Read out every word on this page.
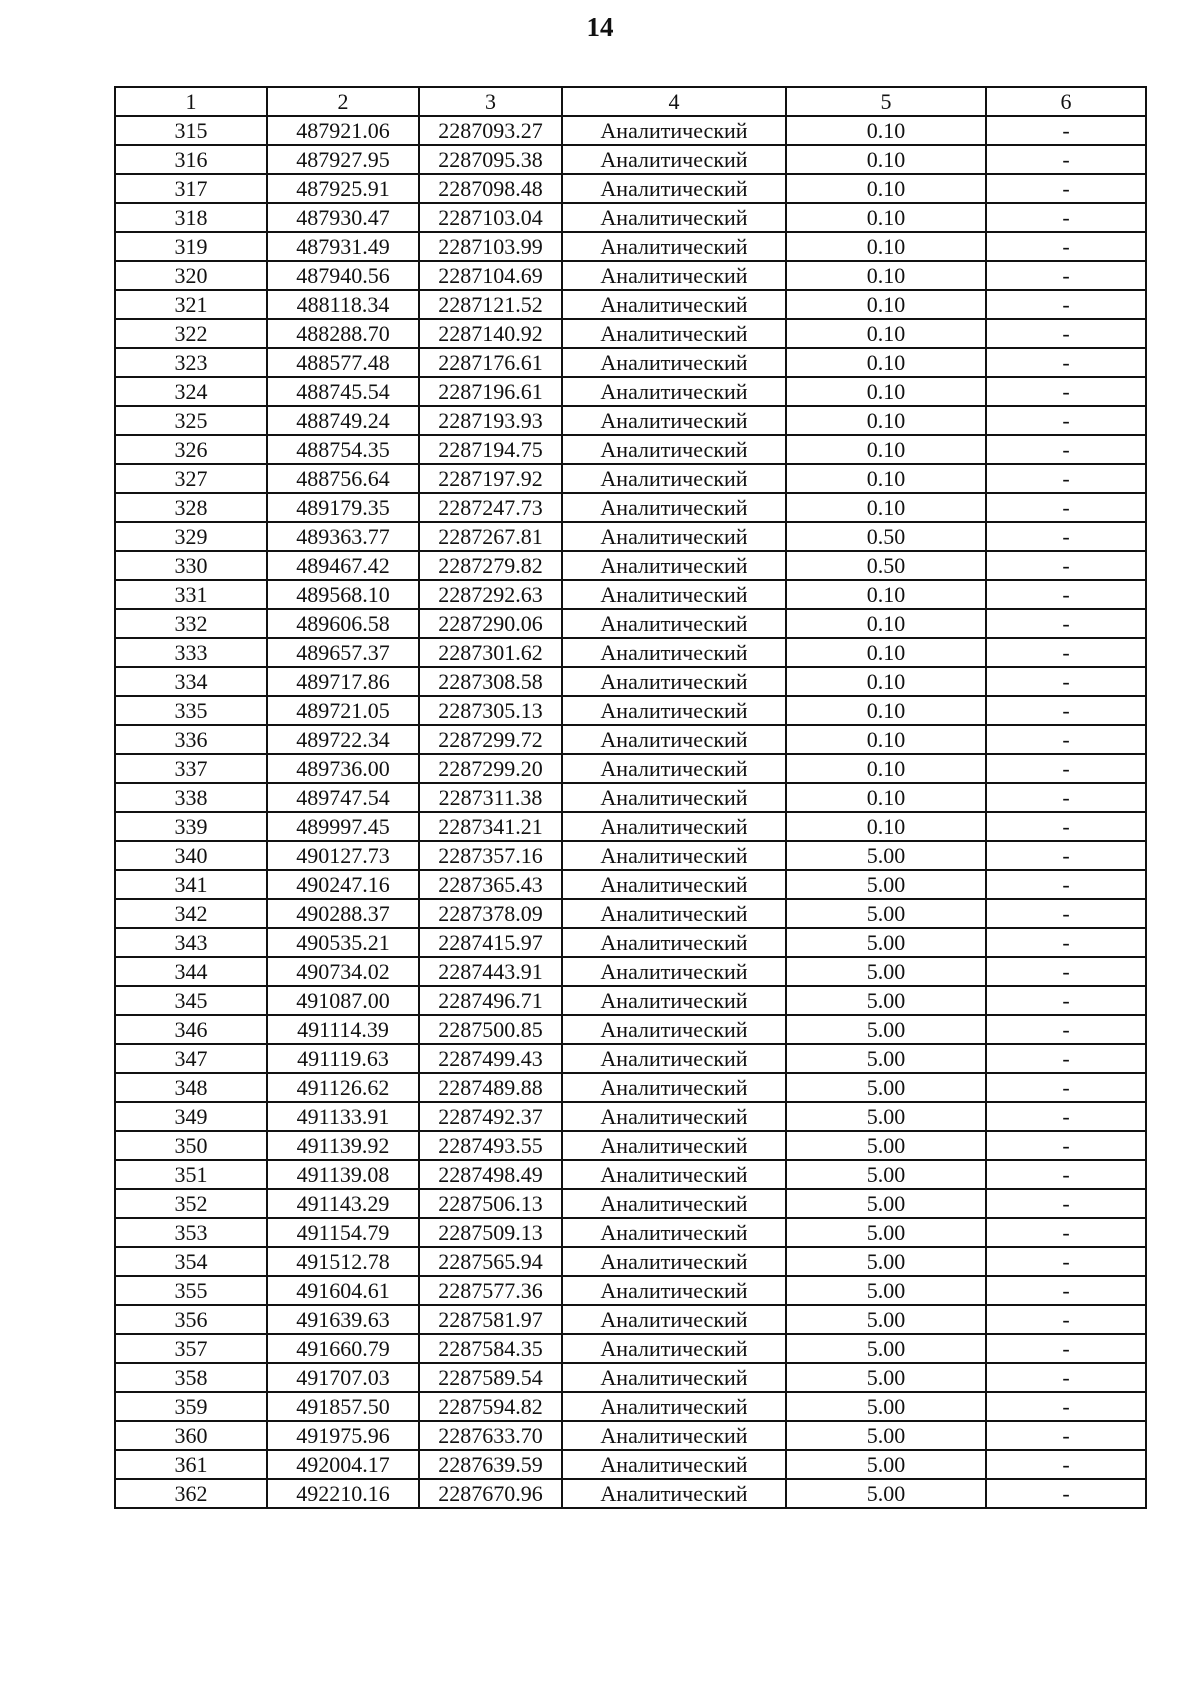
14
1	2	3	4	5	6
315	487921.06	2287093.27	Аналитический	0.10	-
316	487927.95	2287095.38	Аналитический	0.10	-
317	487925.91	2287098.48	Аналитический	0.10	-
318	487930.47	2287103.04	Аналитический	0.10	-
319	487931.49	2287103.99	Аналитический	0.10	-
320	487940.56	2287104.69	Аналитический	0.10	-
321	488118.34	2287121.52	Аналитический	0.10	-
322	488288.70	2287140.92	Аналитический	0.10	-
323	488577.48	2287176.61	Аналитический	0.10	-
324	488745.54	2287196.61	Аналитический	0.10	-
325	488749.24	2287193.93	Аналитический	0.10	-
326	488754.35	2287194.75	Аналитический	0.10	-
327	488756.64	2287197.92	Аналитический	0.10	-
328	489179.35	2287247.73	Аналитический	0.10	-
329	489363.77	2287267.81	Аналитический	0.50	-
330	489467.42	2287279.82	Аналитический	0.50	-
331	489568.10	2287292.63	Аналитический	0.10	-
332	489606.58	2287290.06	Аналитический	0.10	-
333	489657.37	2287301.62	Аналитический	0.10	-
334	489717.86	2287308.58	Аналитический	0.10	-
335	489721.05	2287305.13	Аналитический	0.10	-
336	489722.34	2287299.72	Аналитический	0.10	-
337	489736.00	2287299.20	Аналитический	0.10	-
338	489747.54	2287311.38	Аналитический	0.10	-
339	489997.45	2287341.21	Аналитический	0.10	-
340	490127.73	2287357.16	Аналитический	5.00	-
341	490247.16	2287365.43	Аналитический	5.00	-
342	490288.37	2287378.09	Аналитический	5.00	-
343	490535.21	2287415.97	Аналитический	5.00	-
344	490734.02	2287443.91	Аналитический	5.00	-
345	491087.00	2287496.71	Аналитический	5.00	-
346	491114.39	2287500.85	Аналитический	5.00	-
347	491119.63	2287499.43	Аналитический	5.00	-
348	491126.62	2287489.88	Аналитический	5.00	-
349	491133.91	2287492.37	Аналитический	5.00	-
350	491139.92	2287493.55	Аналитический	5.00	-
351	491139.08	2287498.49	Аналитический	5.00	-
352	491143.29	2287506.13	Аналитический	5.00	-
353	491154.79	2287509.13	Аналитический	5.00	-
354	491512.78	2287565.94	Аналитический	5.00	-
355	491604.61	2287577.36	Аналитический	5.00	-
356	491639.63	2287581.97	Аналитический	5.00	-
357	491660.79	2287584.35	Аналитический	5.00	-
358	491707.03	2287589.54	Аналитический	5.00	-
359	491857.50	2287594.82	Аналитический	5.00	-
360	491975.96	2287633.70	Аналитический	5.00	-
361	492004.17	2287639.59	Аналитический	5.00	-
362	492210.16	2287670.96	Аналитический	5.00	-
